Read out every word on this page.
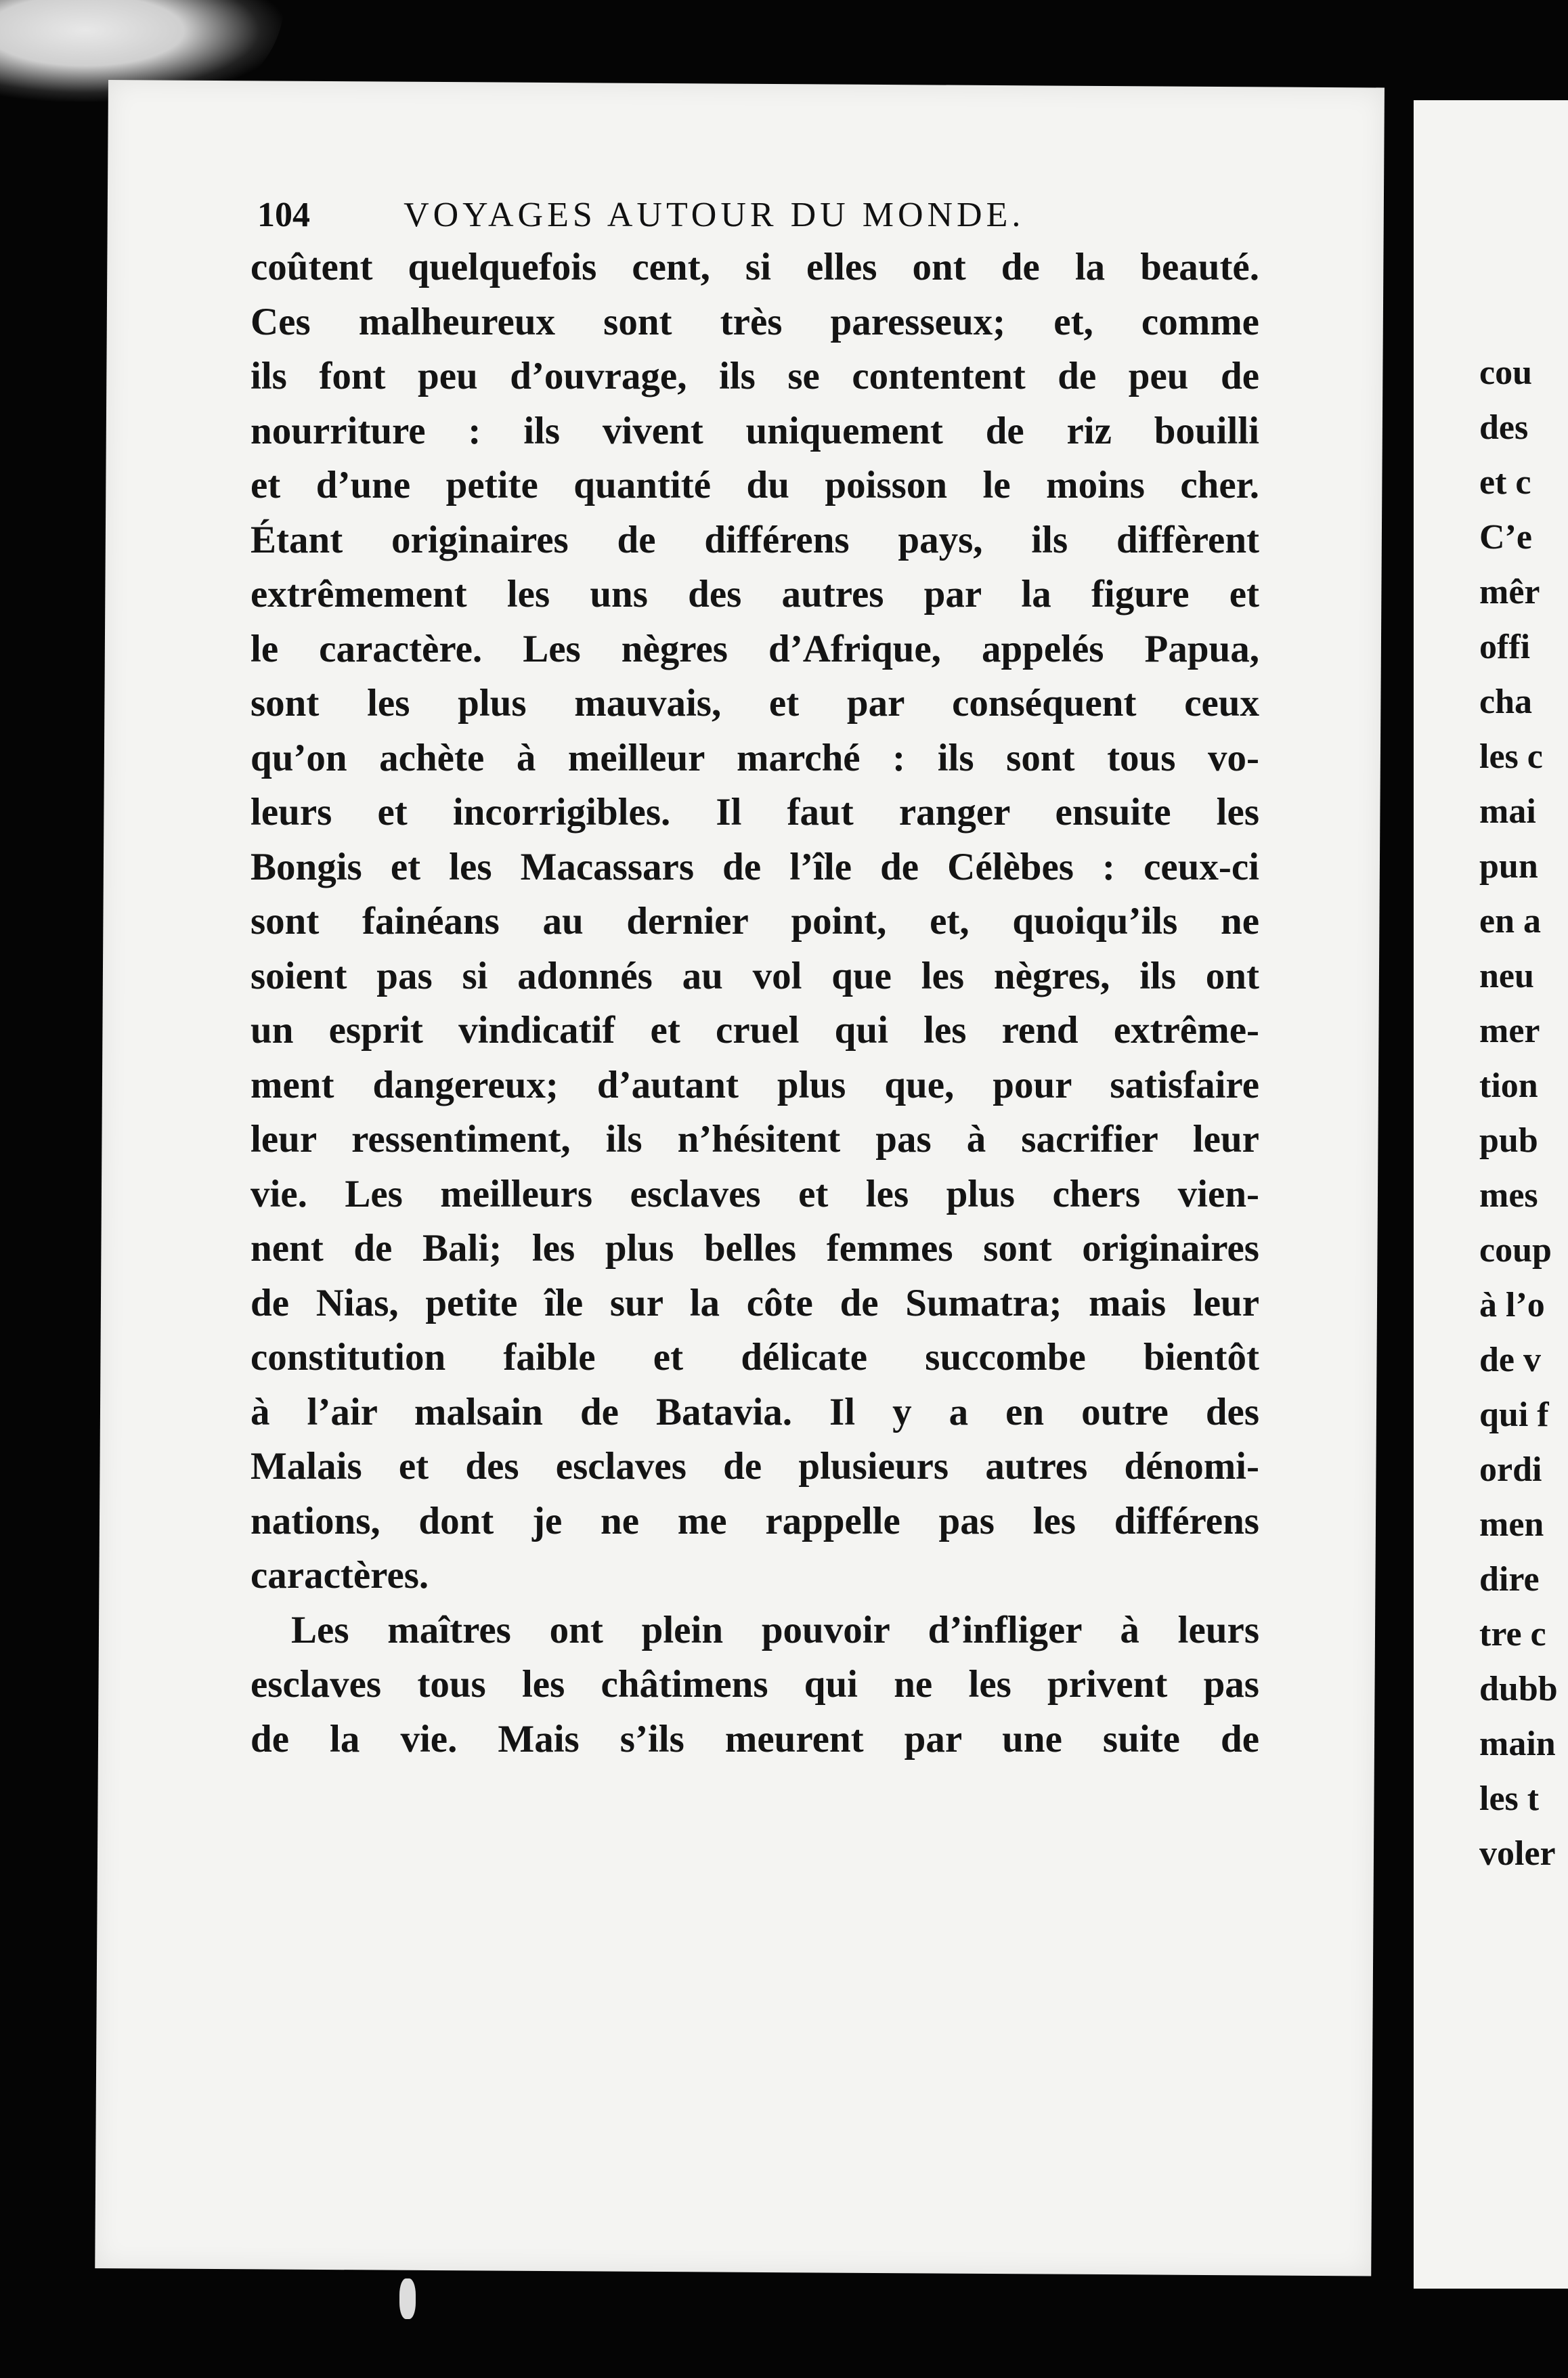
104	VOYAGES AUTOUR DU MONDE.
coûtent quelquefois cent, si elles ont de la beauté.
Ces malheureux sont très paresseux; et, comme
ils font peu d’ouvrage, ils se contentent de peu de
nourriture : ils vivent uniquement de riz bouilli
et d’une petite quantité du poisson le moins cher.
Étant originaires de différens pays, ils diffèrent
extrêmement les uns des autres par la figure et
le caractère. Les nègres d’Afrique, appelés Papua,
sont les plus mauvais, et par conséquent ceux
qu’on achète à meilleur marché : ils sont tous vo-
leurs et incorrigibles. Il faut ranger ensuite les
Bongis et les Macassars de l’île de Célèbes : ceux-ci
sont fainéans au dernier point, et, quoiqu’ils ne
soient pas si adonnés au vol que les nègres, ils ont
un esprit vindicatif et cruel qui les rend extrême-
ment dangereux; d’autant plus que, pour satisfaire
leur ressentiment, ils n’hésitent pas à sacrifier leur
vie. Les meilleurs esclaves et les plus chers vien-
nent de Bali; les plus belles femmes sont originaires
de Nias, petite île sur la côte de Sumatra; mais leur
constitution faible et délicate succombe bientôt
à l’air malsain de Batavia. Il y a en outre des
Malais et des esclaves de plusieurs autres dénomi-
nations, dont je ne me rappelle pas les différens
caractères.
Les maîtres ont plein pouvoir d’infliger à leurs
esclaves tous les châtimens qui ne les privent pas
de la vie. Mais s’ils meurent par une suite de
cou
des
et c
C’e
mêr
offi
cha
les c
mai
pun
en a
neu
mer
tion
pub
mes
coup
à l’o
de v
qui f
ordi
men
dire
tre c
dubb
main
les t
voler
